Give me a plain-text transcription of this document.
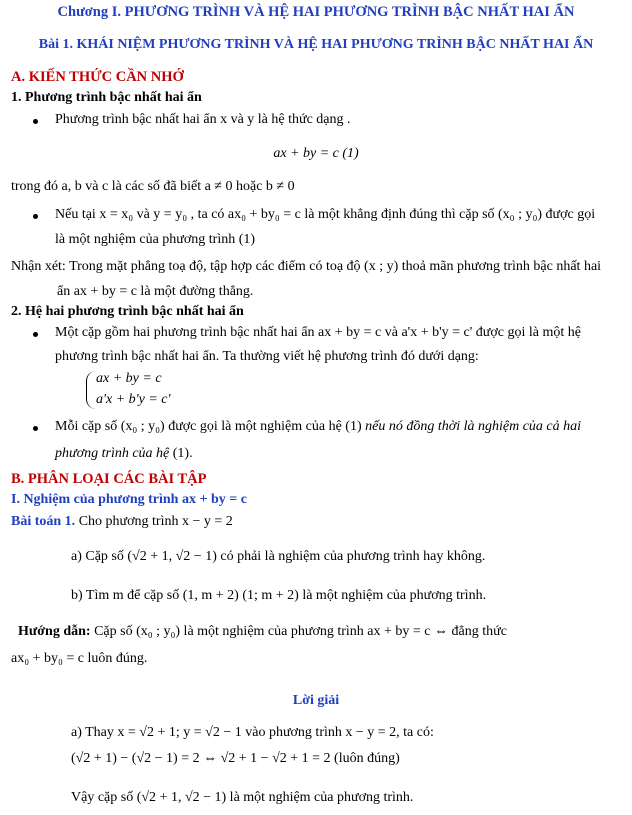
Chương I. PHƯƠNG TRÌNH VÀ HỆ HAI PHƯƠNG TRÌNH BẬC NHẤT HAI ẨN
Bài 1. KHÁI NIỆM PHƯƠNG TRÌNH VÀ HỆ HAI PHƯƠNG TRÌNH BẬC NHẤT HAI ẨN
A. KIẾN THỨC CẦN NHỚ
1. Phương trình bậc nhất hai ẩn
Phương trình bậc nhất hai ẩn x và y là hệ thức dạng .
ax + by = c (1)
trong đó a, b và c là các số đã biết a ≠ 0 hoặc b ≠ 0
Nếu tại x = x₀ và y = y₀ , ta có ax₀ + by₀ = c là một khẳng định đúng thì cặp số (x₀ ; y₀) được gọi
là một nghiệm của phương trình (1)
Nhận xét: Trong mặt phẳng toạ độ, tập hợp các điểm có toạ độ (x ; y) thoả mãn phương trình bậc nhất hai
ẩn ax + by = c là một đường thẳng.
2. Hệ hai phương trình bậc nhất hai ẩn
Một cặp gồm hai phương trình bậc nhất hai ẩn ax + by = c và a'x + b'y = c' được gọi là một hệ
phương trình bậc nhất hai ẩn. Ta thường viết hệ phương trình đó dưới dạng:
ax + by = c
a'x + b'y = c'
Mỗi cặp số (x₀ ; y₀) được gọi là một nghiệm của hệ (1) nếu nó đồng thời là nghiệm của cả hai
phương trình của hệ (1).
B. PHÂN LOẠI CÁC BÀI TẬP
I. Nghiệm của phương trình ax + by = c
Bài toán 1. Cho phương trình x − y = 2
a) Cặp số (√2 + 1, √2 − 1) có phải là nghiệm của phương trình hay không.
b) Tìm m để cặp số (1, m + 2) (1; m + 2) là một nghiệm của phương trình.
Hướng dẫn: Cặp số (x₀ ; y₀) là một nghiệm của phương trình ax + by = c ⇔ đẳng thức
ax₀ + by₀ = c luôn đúng.
Lời giải
a) Thay x = √2 + 1; y = √2 − 1 vào phương trình x − y = 2, ta có:
(√2 + 1) − (√2 − 1) = 2 ⇔ √2 + 1 − √2 + 1 = 2 (luôn đúng)
Vậy cặp số (√2 + 1, √2 − 1) là một nghiệm của phương trình.
